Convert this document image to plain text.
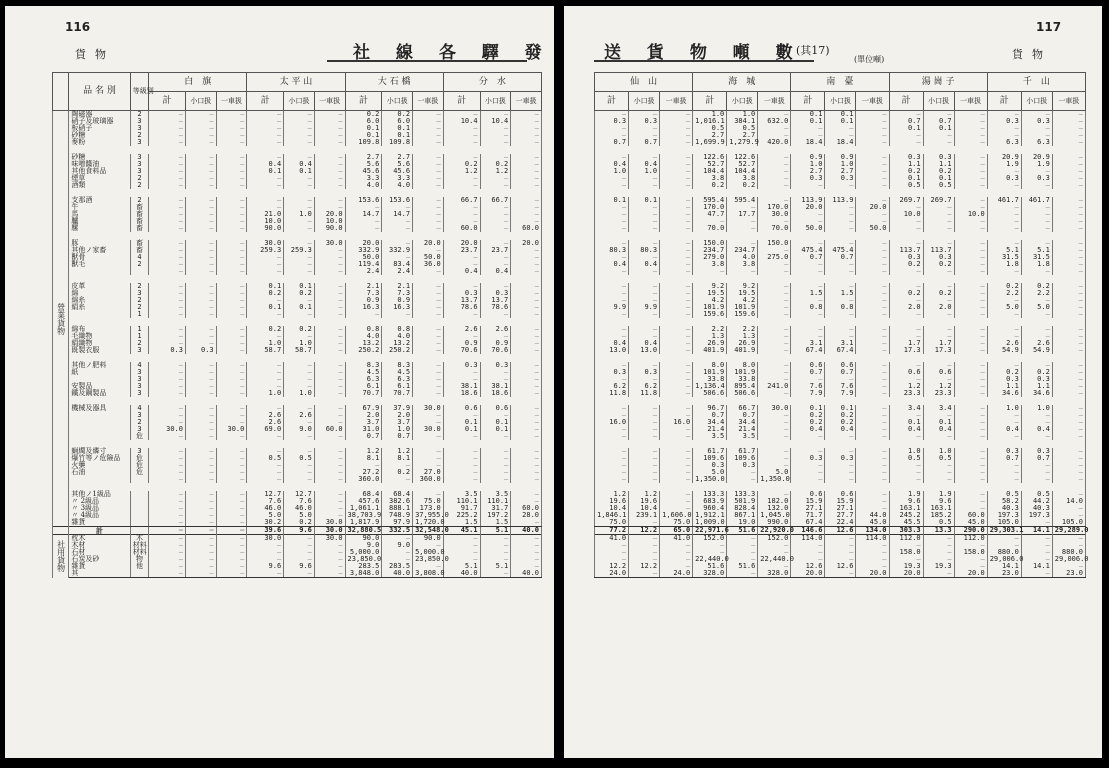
116
貨物	社 線 各 驛 發
	品 名 別	等級別	白　旗			太 平 山			大 石 橋			分　水		
			計	小口扱	一車扱	計	小口扱	一車扱	計	小口扱	一車扱	計	小口扱	一車扱
營業貨物	陶磁器	2	—	—	—	—	—	—	0.2	0.2	—	—	—	—
	硝子及玻璃器	3	—	—	—	—	—	—	6.0	6.0	—	10.4	10.4	—
	板硝子	3	—	—	—	—	—	—	0.1	0.1	—	—	—	—
	砂糖	2	—	—	—	—	—	—	0.1	0.1	—	—	—	—
	麥粉	3	—	—	—	—	—	—	109.8	109.8	—	—	—	—

	砂糖	3	—	—	—	—	—	—	2.7	2.7	—	—	—	—
	味噌醬油	3	—	—	—	0.4	0.4	—	5.6	5.6	—	0.2	0.2	—
	其他食料品	3	—	—	—	0.1	0.1	—	45.6	45.6	—	1.2	1.2	—
	煙草	2	—	—	—	—	—	—	3.3	3.3	—	—	—	—
	酒類	2	—	—	—	—	—	—	4.0	4.0	—	—	—	—

	支那酒	2	—	—	—	—	—	—	153.6	153.6	—	66.7	66.7	—
	牛	畜	—	—	—	—	—	—	—	—	—	—	—	—
	馬	畜	—	—	—	21.0	1.0	20.0	14.7	14.7	—	—	—	—
	驢	畜	—	—	—	10.0	—	10.0	—	—	—	—	—	—
	騾	畜	—	—	—	90.0	—	90.0	—	—	—	60.0	—	60.0

	豚	畜	—	—	—	30.0	—	30.0	20.0	—	20.0	20.0	—	20.0
	其他ノ家畜	畜	—	—	—	259.3	259.3	—	332.9	332.9	—	23.7	23.7	—
	獸骨	4	—	—	—	—	—	—	50.0	—	50.0	—	—	—
	獸毛	2	—	—	—	—	—	—	119.4	83.4	36.0	—	—	—
			—	—	—	—	—	—	2.4	2.4	—	0.4	0.4	—

	皮革	2	—	—	—	0.1	0.1	—	2.1	2.1	—	—	—	—
	綿	3	—	—	—	0.2	0.2	—	7.3	7.3	—	0.3	0.3	—
	綿糸	2	—	—	—	—	—	—	0.9	0.9	—	13.7	13.7	—
	絹糸	2	—	—	—	0.1	0.1	—	16.3	16.3	—	78.6	78.6	—
		1	—	—	—	—	—	—	—	—	—	—	—	—

	綿布	1	—	—	—	0.2	0.2	—	0.8	0.8	—	2.6	2.6	—
	毛織物	1	—	—	—	—	—	—	4.0	4.0	—	—	—	—
	絹織物	2	—	—	—	1.0	1.0	—	13.2	13.2	—	0.9	0.9	—
	既製衣服	3	0.3	0.3	—	58.7	58.7	—	250.2	250.2	—	70.6	70.6	—

	其他ノ肥料	4	—	—	—	—	—	—	8.3	8.3	—	0.3	0.3	—
	紙	3	—	—	—	—	—	—	4.5	4.5	—	—	—	—
		3	—	—	—	—	—	—	6.3	6.3	—	—	—	—
	安製品	3	—	—	—	—	—	—	6.1	6.1	—	38.1	38.1	—
	鐵及鋼製品	3	—	—	—	1.0	1.0	—	70.7	70.7	—	18.6	18.6	—

	機械及器具	4	—	—	—	—	—	—	67.9	37.9	30.0	0.6	0.6	—
		3	—	—	—	2.6	2.6	—	2.0	2.0	—	—	—	—
		2	—	—	—	2.6	—	—	3.7	3.7	—	0.1	0.1	—
		3	30.0	—	30.0	69.0	9.0	60.0	31.0	1.0	30.0	0.1	0.1	—
		危	—	—	—	—	—	—	0.7	0.7	—	—	—	—

	蝋燭及燐寸	3	—	—	—	—	—	—	1.2	1.2	—	—	—	—
	爆竹等ノ危險品	危	—	—	—	0.5	0.5	—	8.1	8.1	—	—	—	—
	火藥	危	—	—	—	—	—	—	—	—	—	—	—	—
	石油	危	—	—	—	—	—	—	27.2	0.2	27.0	—	—	—
			—	—	—	—	—	—	360.0	—	360.0	—	—	—

	其他ノ1級品		—	—	—	12.7	12.7	—	68.4	68.4	—	3.5	3.5	—
	〃 2級品		—	—	—	7.6	7.6	—	457.6	382.6	75.0	110.1	110.1	—
	〃 3級品		—	—	—	46.0	46.0	—	1,061.1	888.1	173.0	91.7	31.7	60.0
	〃 4級品		—	—	—	5.0	5.0	—	38,703.9	748.9	37,955.0	225.2	197.2	28.0
	雜貨		—	—	—	30.2	0.2	30.0	1,817.9	97.9	1,720.0	1.5	1.5	—
	計		—	—	—	39.6	9.6	30.0	32,880.5	332.5	32,548.0	45.1	5.1	40.0
社用貨物	枕木	木	—	—	—	30.0	—	30.0	90.0	—	90.0	—	—	—
	木材	材料	—	—	—	—	—	—	9.0	9.0	—	—	—	—
	石材	材料	—	—	—	—	—	—	5,000.0	—	5,000.0	—	—	—
	石炭及砂	物	—	—	—	—	—	—	23,850.0	—	23,850.0	—	—	—
	雜貨	他	—	—	—	9.6	9.6	—	283.5	283.5	—	5.1	5.1	—
	其		—	—	—	—	—	—	3,848.0	40.0	3,808.0	40.0	—	40.0
117
貨物
送 貨 物 噸 數
(其17)
(單位噸)
仙　山			海　城			南　臺			湯 崗 子			千　山		
計	小口扱	一車扱	計	小口扱	一車扱	計	小口扱	一車扱	計	小口扱	一車扱	計	小口扱	一車扱
—	—	—	1.0	1.0	—	0.1	0.1	—	—	—	—	—	—	—
0.3	0.3	—	1,016.1	384.1	632.0	0.1	0.1	—	0.7	0.7	—	0.3	0.3	—
—	—	—	0.5	0.5	—	—	—	—	0.1	0.1	—	—	—	—
—	—	—	2.7	2.7	—	—	—	—	—	—	—	—	—	—
0.7	0.7	—	1,699.9	1,279.9	420.0	18.4	18.4	—	—	—	—	6.3	6.3	—

—	—	—	122.6	122.6	—	0.9	0.9	—	0.3	0.3	—	20.9	20.9	—
0.4	0.4	—	52.7	52.7	—	1.0	1.0	—	1.1	1.1	—	1.9	1.9	—
1.0	1.0	—	104.4	104.4	—	2.7	2.7	—	0.2	0.2	—	—	—	—
—	—	—	3.8	3.8	—	0.3	0.3	—	0.1	0.1	—	0.3	0.3	—
—	—	—	0.2	0.2	—	—	—	—	0.5	0.5	—	—	—	—

0.1	0.1	—	595.4	595.4	—	113.9	113.9	—	269.7	269.7	—	461.7	461.7	—
—	—	—	170.0	—	170.0	20.0	—	20.0	—	—	—	—	—	—
—	—	—	47.7	17.7	30.0	—	—	—	10.0	—	10.0	—	—	—
—	—	—	—	—	—	—	—	—	—	—	—	—	—	—
—	—	—	70.0	—	70.0	50.0	—	50.0	—	—	—	—	—	—

—	—	—	150.0	—	150.0	—	—	—	—	—	—	—	—	—
80.3	80.3	—	234.7	234.7	—	475.4	475.4	—	113.7	113.7	—	5.1	5.1	—
—	—	—	279.0	4.0	275.0	0.7	0.7	—	0.3	0.3	—	31.5	31.5	—
0.4	0.4	—	3.8	3.8	—	—	—	—	0.2	0.2	—	1.8	1.8	—
—	—	—	—	—	—	—	—	—	—	—	—	—	—	—

—	—	—	9.2	9.2	—	—	—	—	—	—	—	0.2	0.2	—
—	—	—	19.5	19.5	—	1.5	1.5	—	0.2	0.2	—	2.2	2.2	—
—	—	—	4.2	4.2	—	—	—	—	—	—	—	—	—	—
9.9	9.9	—	101.9	101.9	—	0.8	0.8	—	2.0	2.0	—	5.0	5.0	—
—	—	—	159.6	159.6	—	—	—	—	—	—	—	—	—	—

—	—	—	2.2	2.2	—	—	—	—	—	—	—	—	—	—
—	—	—	1.3	1.3	—	—	—	—	—	—	—	—	—	—
0.4	0.4	—	26.9	26.9	—	3.1	3.1	—	1.7	1.7	—	2.6	2.6	—
13.0	13.0	—	401.9	401.9	—	67.4	67.4	—	17.3	17.3	—	54.9	54.9	—

—	—	—	8.0	8.0	—	0.6	0.6	—	—	—	—	—	—	—
0.3	0.3	—	101.9	101.9	—	0.7	0.7	—	0.6	0.6	—	0.2	0.2	—
—	—	—	33.8	33.8	—	—	—	—	—	—	—	0.3	0.3	—
6.2	6.2	—	1,136.4	895.4	241.0	7.6	7.6	—	1.2	1.2	—	1.1	1.1	—
11.8	11.8	—	506.6	506.6	—	7.9	7.9	—	23.3	23.3	—	34.6	34.6	—

—	—	—	96.7	66.7	30.0	0.1	0.1	—	3.4	3.4	—	1.0	1.0	—
—	—	—	0.7	0.7	—	0.2	0.2	—	—	—	—	—	—	—
16.0	—	16.0	34.4	34.4	—	0.2	0.2	—	0.1	0.1	—	—	—	—
—	—	—	21.4	21.4	—	0.4	0.4	—	0.4	0.4	—	0.4	0.4	—
—	—	—	3.5	3.5	—	—	—	—	—	—	—	—	—	—

—	—	—	61.7	61.7	—	—	—	—	1.0	1.0	—	0.3	0.3	—
—	—	—	109.6	109.6	—	0.3	0.3	—	0.5	0.5	—	0.7	0.7	—
—	—	—	0.3	0.3	—	—	—	—	—	—	—	—	—	—
—	—	—	5.0	—	5.0	—	—	—	—	—	—	—	—	—
—	—	—	1,350.0	—	1,350.0	—	—	—	—	—	—	—	—	—

1.2	1.2	—	133.3	133.3	—	0.6	0.6	—	1.9	1.9	—	0.5	0.5	—
19.6	19.6	—	683.9	501.9	182.0	15.9	15.9	—	9.6	9.6	—	58.2	44.2	14.0
10.4	10.4	—	960.4	828.4	132.0	27.1	27.1	—	163.1	163.1	—	40.3	40.3	—
1,846.1	239.1	1,606.0	1,912.1	867.1	1,045.0	71.7	27.7	44.0	245.2	185.2	60.0	197.3	197.3	—
75.0	—	75.0	1,009.0	19.0	990.0	67.4	22.4	45.0	45.5	0.5	45.0	105.0	—	105.0
77.2	12.2	65.0	22,971.6	51.6	22,920.0	146.6	12.6	134.0	303.3	13.3	290.0	29,303.1	14.1	29,289.0
41.0	—	41.0	152.0	—	152.0	114.0	—	114.0	112.0	—	112.0	—	—	—
—	—	—	—	—	—	—	—	—	—	—	—	—	—	—
—	—	—	—	—	—	—	—	—	158.0	—	158.0	880.0	—	880.0
—	—	—	22,440.0	—	22,440.0	—	—	—	—	—	—	29,006.0	—	29,006.0
12.2	12.2	—	51.6	51.6	—	12.6	12.6	—	19.3	19.3	—	14.1	14.1	—
24.0	—	24.0	328.0	—	328.0	20.0	—	20.0	20.0	—	20.0	23.0	—	23.0
